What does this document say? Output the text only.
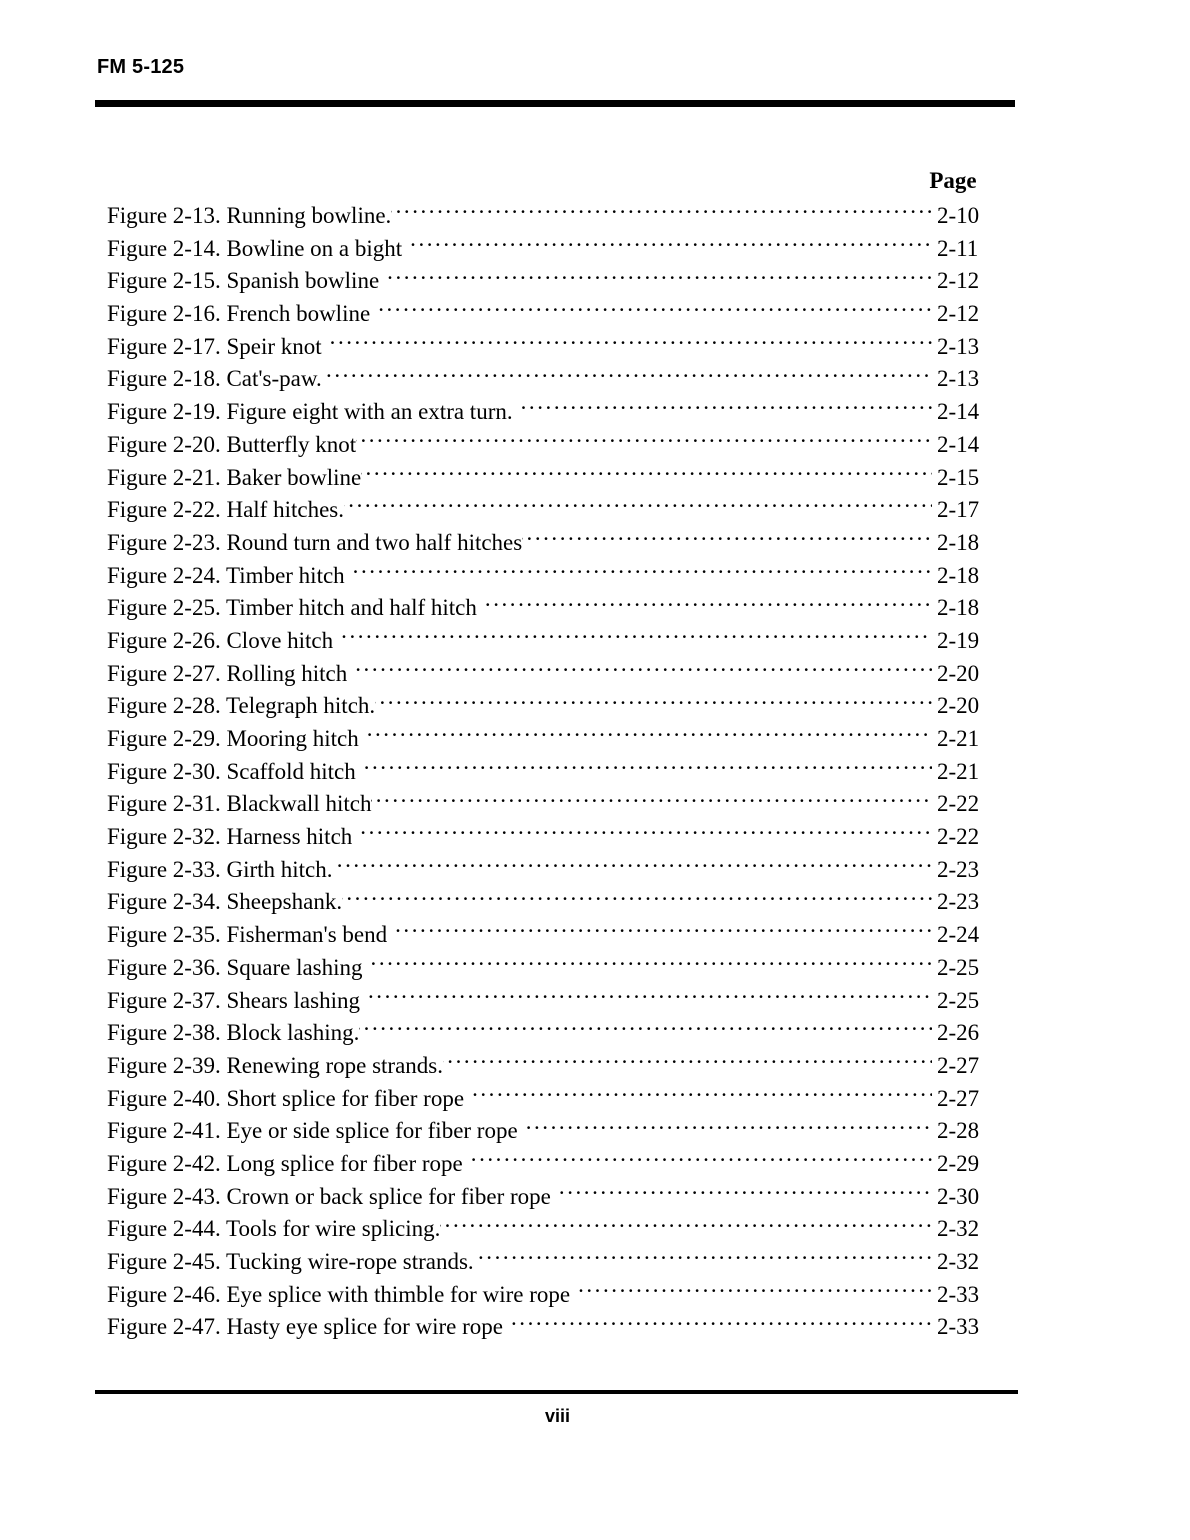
FM 5-125
Page
Figure 2-13. Running bowline. . . .	2-10
Figure 2-14. Bowline on a bight . . .	2-11
Figure 2-15. Spanish bowline . . .	2-12
Figure 2-16. French bowline . . .	2-12
Figure 2-17. Speir knot . . .	2-13
Figure 2-18. Cat's-paw. . . .	2-13
Figure 2-19. Figure eight with an extra turn. . . .	2-14
Figure 2-20. Butterfly knot . . .	2-14
Figure 2-21. Baker bowline . . .	2-15
Figure 2-22. Half hitches. . . .	2-17
Figure 2-23. Round turn and two half hitches . . .	2-18
Figure 2-24. Timber hitch . . .	2-18
Figure 2-25. Timber hitch and half hitch . . .	2-18
Figure 2-26. Clove hitch . . .	2-19
Figure 2-27. Rolling hitch . . .	2-20
Figure 2-28. Telegraph hitch. . . .	2-20
Figure 2-29. Mooring hitch . . .	2-21
Figure 2-30. Scaffold hitch . . .	2-21
Figure 2-31. Blackwall hitch . . .	2-22
Figure 2-32. Harness hitch . . .	2-22
Figure 2-33. Girth hitch. . . .	2-23
Figure 2-34. Sheepshank. . . .	2-23
Figure 2-35. Fisherman's bend . . .	2-24
Figure 2-36. Square lashing . . .	2-25
Figure 2-37. Shears lashing . . .	2-25
Figure 2-38. Block lashing. . . .	2-26
Figure 2-39. Renewing rope strands. . . .	2-27
Figure 2-40. Short splice for fiber rope . . .	2-27
Figure 2-41. Eye or side splice for fiber rope . . .	2-28
Figure 2-42. Long splice for fiber rope . . .	2-29
Figure 2-43. Crown or back splice for fiber rope . . .	2-30
Figure 2-44. Tools for wire splicing. . . .	2-32
Figure 2-45. Tucking wire-rope strands. . . .	2-32
Figure 2-46. Eye splice with thimble for wire rope . . .	2-33
Figure 2-47. Hasty eye splice for wire rope . . .	2-33
viii
